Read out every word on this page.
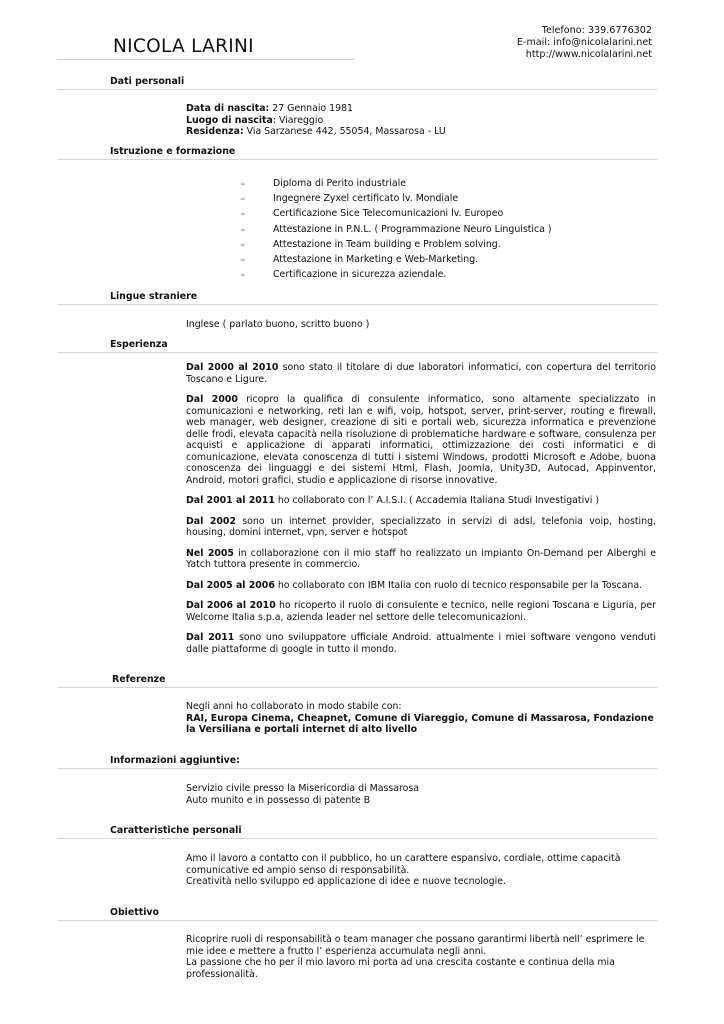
NICOLA LARINI
Telefono: 339.6776302
E-mail: info@nicolalarini.net
http://www.nicolalarini.net
Dati personali
Data di nascita: 27 Gennaio 1981
Luogo di nascita: Viareggio
Residenza: Via Sarzanese 442, 55054, Massarosa - LU
Istruzione e formazione
∞	Diploma di Perito industriale
∞	Ingegnere Zyxel certificato lv. Mondiale
∞	Certificazione Sice Telecomunicazioni lv. Europeo
∞	Attestazione in P.N.L. ( Programmazione Neuro Linguistica )
∞	Attestazione in Team building e Problem solving.
∞	Attestazione in Marketing e Web-Marketing.
∞	Certificazione in sicurezza aziendale.
Lingue straniere
Inglese ( parlato buono, scritto buono )
Esperienza

Dal 2000 al 2010 sono stato il titolare di due laboratori informatici, con copertura del territorio Toscano e Ligure.

Dal 2000 ricopro la qualifica di consulente informatico, sono altamente specializzato in comunicazioni e networking, reti lan e wifi, voip, hotspot, server, print-server, routing e firewall, web manager, web designer, creazione di siti e portali web, sicurezza informatica e prevenzione delle frodi, elevata capacità nella risoluzione di problematiche hardware e software, consulenza per acquisti e applicazione di apparati informatici, ottimizzazione dei costi informatici e di comunicazione, elevata conoscenza di tutti i sistemi Windows, prodotti Microsoft e Adobe, buona conoscenza dei linguaggi e dei sistemi Html, Flash, Joomla, Unity3D, Autocad, Appinventor, Android, motori grafici, studio e applicazione di risorse innovative.

Dal 2001 al 2011 ho collaborato con l’ A.I.S.I. ( Accademia Italiana Studi Investigativi )

Dal 2002 sono un internet provider, specializzato in servizi di adsl, telefonia voip, hosting, housing, domini internet, vpn, server e hotspot

Nel 2005 in collaborazione con il mio staff ho realizzato un impianto On-Demand per Alberghi e Yatch tuttora presente in commercio.

Dal 2005 al 2006 ho collaborato con IBM Italia con ruolo di tecnico responsabile per la Toscana.

Dal 2006 al 2010 ho ricoperto il ruolo di consulente e tecnico, nelle regioni Toscana e Liguria, per Welcome Italia s.p.a, azienda leader nel settore delle telecomunicazioni.

Dal 2011 sono uno sviluppatore ufficiale Android. attualmente i miei software vengono venduti dalle piattaforme di google in tutto il mondo.

Referenze
Negli anni ho collaborato in modo stabile con:
RAI, Europa Cinema, Cheapnet, Comune di Viareggio, Comune di Massarosa, Fondazione la Versiliana e portali internet di alto livello
Informazioni aggiuntive:
Servizio civile presso la Misericordia di Massarosa
Auto munito e in possesso di patente B
Caratteristiche personali
Amo il lavoro a contatto con il pubblico, ho un carattere espansivo, cordiale, ottime capacità comunicative ed ampio senso di responsabilità.
Creatività nello sviluppo ed applicazione di idee e nuove tecnologie.
Obiettivo
Ricoprire ruoli di responsabilità o team manager che possano garantirmi libertà nell’ esprimere le mie idee e mettere a frutto l’ esperienza accumulata negli anni.
La passione che ho per il mio lavoro mi porta ad una crescita costante e continua della mia professionalità.
